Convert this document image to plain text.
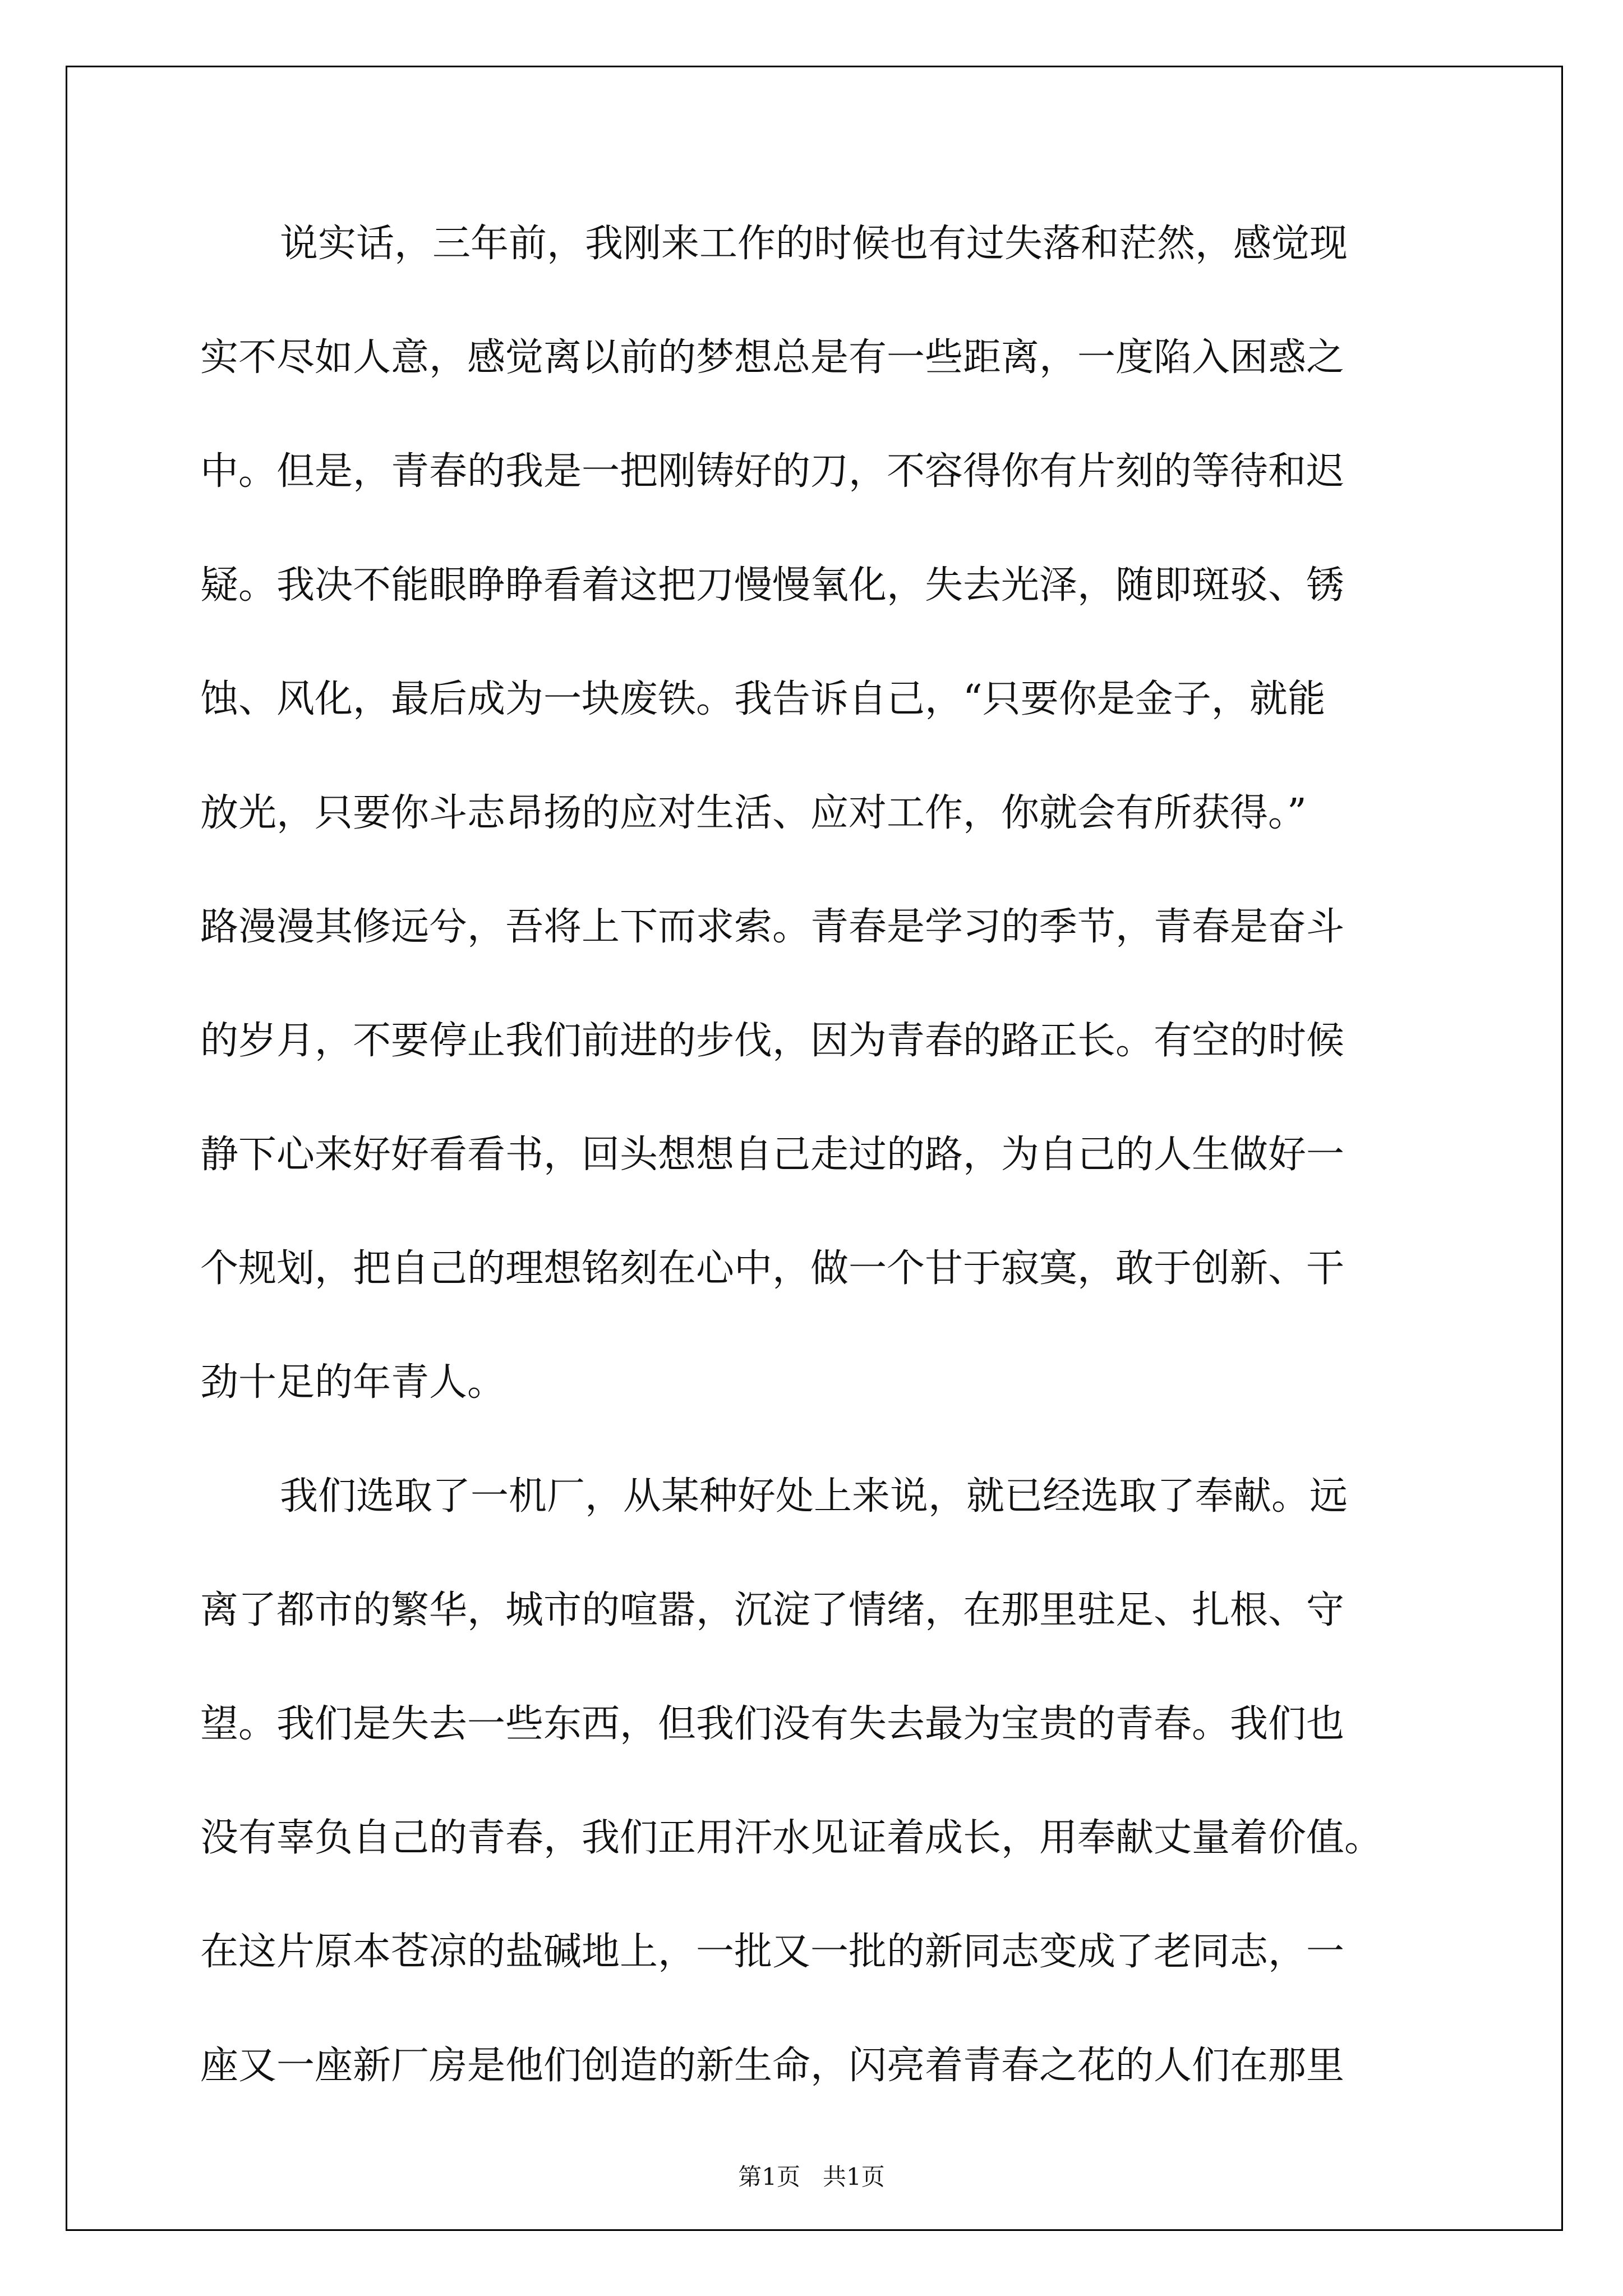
说实话，三年前，我刚来工作的时候也有过失落和茫然，感觉现
实不尽如人意，感觉离以前的梦想总是有一些距离，一度陷入困惑之
中。但是，青春的我是一把刚铸好的刀，不容得你有片刻的等待和迟
疑。我决不能眼睁睁看着这把刀慢慢氧化，失去光泽，随即斑驳、锈
蚀、风化，最后成为一块废铁。我告诉自己，“只要你是金子，就能
放光，只要你斗志昂扬的应对生活、应对工作，你就会有所获得。”
路漫漫其修远兮，吾将上下而求索。青春是学习的季节，青春是奋斗
的岁月，不要停止我们前进的步伐，因为青春的路正长。有空的时候
静下心来好好看看书，回头想想自己走过的路，为自己的人生做好一
个规划，把自己的理想铭刻在心中，做一个甘于寂寞，敢于创新、干
劲十足的年青人。
我们选取了一机厂，从某种好处上来说，就已经选取了奉献。远
离了都市的繁华，城市的喧嚣，沉淀了情绪，在那里驻足、扎根、守
望。我们是失去一些东西，但我们没有失去最为宝贵的青春。我们也
没有辜负自己的青春，我们正用汗水见证着成长，用奉献丈量着价值。
在这片原本苍凉的盐碱地上，一批又一批的新同志变成了老同志，一
座又一座新厂房是他们创造的新生命，闪亮着青春之花的人们在那里
第1页   共1页
